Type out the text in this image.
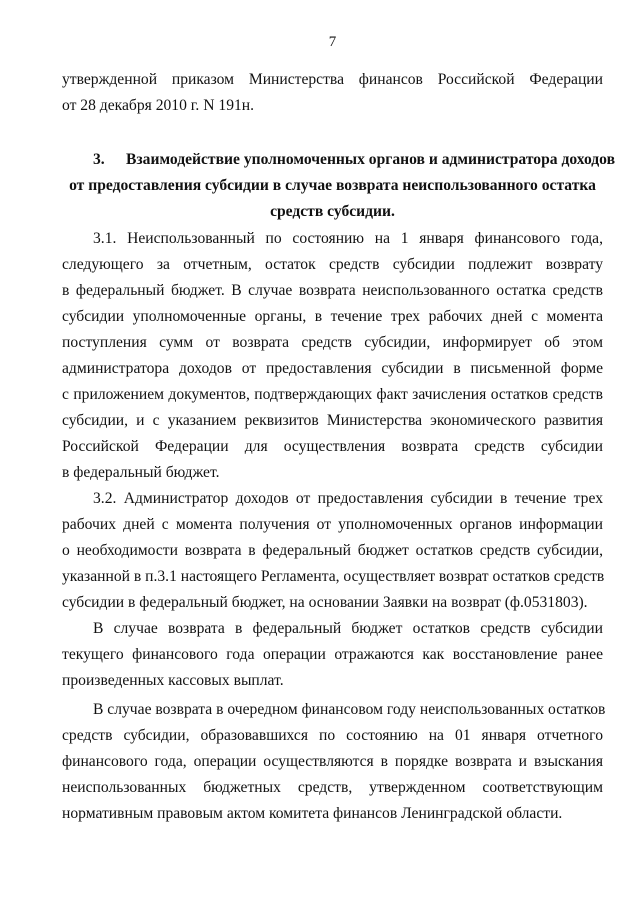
7
утвержденной приказом Министерства финансов Российской Федерации
от 28 декабря 2010 г. N 191н.
3. Взаимодействие уполномоченных органов и администратора доходов
от предоставления субсидии в случае возврата неиспользованного остатка
средств субсидии.
3.1. Неиспользованный по состоянию на 1 января финансового года,
следующего за отчетным, остаток средств субсидии подлежит возврату
в федеральный бюджет. В случае возврата неиспользованного остатка средств
субсидии уполномоченные органы, в течение трех рабочих дней с момента
поступления сумм от возврата средств субсидии, информирует об этом
администратора доходов от предоставления субсидии в письменной форме
с приложением документов, подтверждающих факт зачисления остатков средств
субсидии, и с указанием реквизитов Министерства экономического развития
Российской Федерации для осуществления возврата средств субсидии
в федеральный бюджет.
3.2. Администратор доходов от предоставления субсидии в течение трех
рабочих дней с момента получения от уполномоченных органов информации
о необходимости возврата в федеральный бюджет остатков средств субсидии,
указанной в п.3.1 настоящего Регламента, осуществляет возврат остатков средств
субсидии в федеральный бюджет, на основании Заявки на возврат (ф.0531803).
В случае возврата в федеральный бюджет остатков средств субсидии
текущего финансового года операции отражаются как восстановление ранее
произведенных кассовых выплат.
В случае возврата в очередном финансовом году неиспользованных остатков
средств субсидии, образовавшихся по состоянию на 01 января отчетного
финансового года, операции осуществляются в порядке возврата и взыскания
неиспользованных бюджетных средств, утвержденном соответствующим
нормативным правовым актом комитета финансов Ленинградской области.
